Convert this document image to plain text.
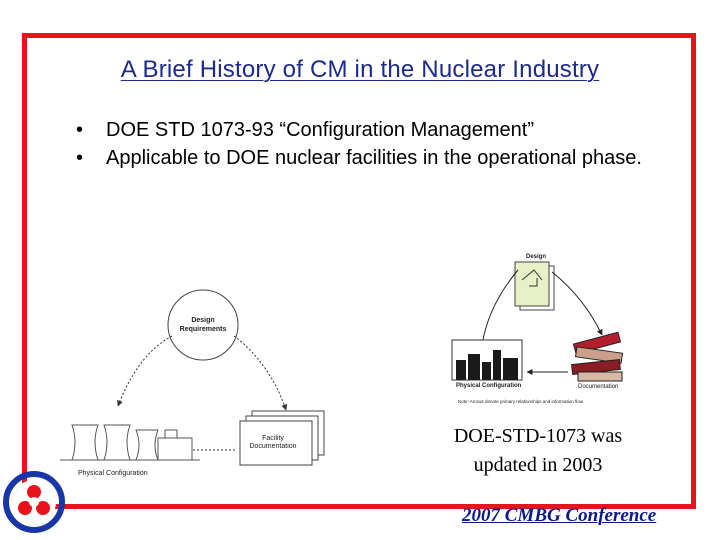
A Brief History of CM in the Nuclear Industry
• DOE STD 1073-93 “Configuration Management”
• Applicable to DOE nuclear facilities in the operational phase.
Design
Requirements
Facility
Documentation
Physical Configuration
Design
Physical Configuration	Documentation
Note: Arrows denote primary relationships and information flow.
DOE-STD-1073 was
updated in 2003
2007 CMBG Conference
